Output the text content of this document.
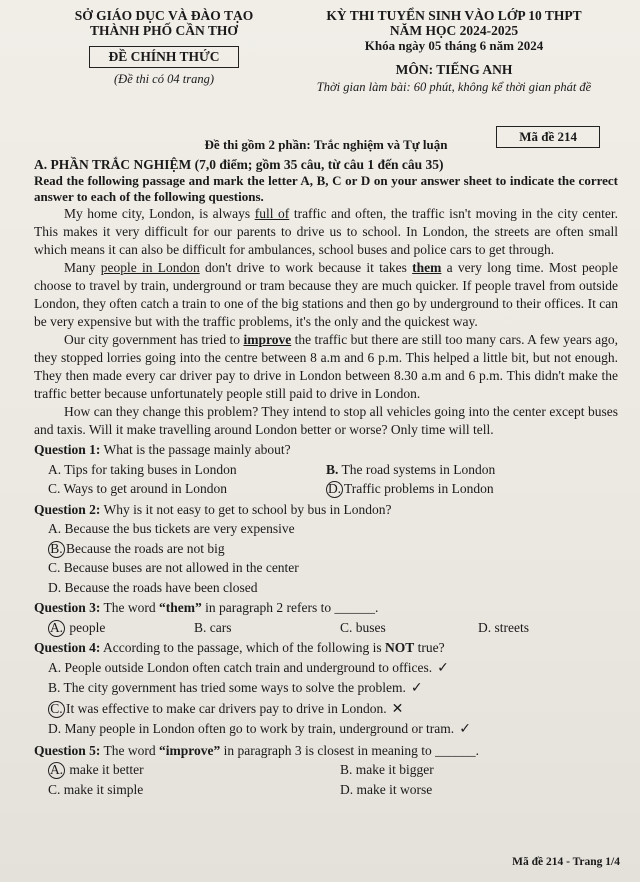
SỞ GIÁO DỤC VÀ ĐÀO TẠO
THÀNH PHỐ CẦN THƠ
ĐỀ CHÍNH THỨC
(Đề thi có 04 trang)
KỲ THI TUYỂN SINH VÀO LỚP 10 THPT
NĂM HỌC 2024-2025
Khóa ngày 05 tháng 6 năm 2024
MÔN: TIẾNG ANH
Thời gian làm bài: 60 phút, không kể thời gian phát đề
Mã đề 214
Đề thi gồm 2 phần: Trắc nghiệm và Tự luận
A. PHẦN TRẮC NGHIỆM (7,0 điểm; gồm 35 câu, từ câu 1 đến câu 35)
Read the following passage and mark the letter A, B, C or D on your answer sheet to indicate the correct answer to each of the following questions.

My home city, London, is always full of traffic and often, the traffic isn't moving in the city center. This makes it very difficult for our parents to drive us to school. In London, the streets are often small which means it can also be difficult for ambulances, school buses and police cars to get through.

Many people in London don't drive to work because it takes them a very long time. Most people choose to travel by train, underground or tram because they are much quicker. If people travel from outside London, they often catch a train to one of the big stations and then go by underground to their offices. It can be very expensive but with the traffic problems, it's the only and the quickest way.

Our city government has tried to improve the traffic but there are still too many cars. A few years ago, they stopped lorries going into the centre between 8 a.m and 6 p.m. This helped a little bit, but not enough. They then made every car driver pay to drive in London between 8.30 a.m and 6 p.m. This didn't make the traffic better because unfortunately people still paid to drive in London.

How can they change this problem? They intend to stop all vehicles going into the center except buses and taxis. Will it make travelling around London better or worse? Only time will tell.

Question 1: What is the passage mainly about?
A. Tips for taking buses in London	B. The road systems in London
C. Ways to get around in London	D. Traffic problems in London
Question 2: Why is it not easy to get to school by bus in London?
A. Because the bus tickets are very expensive
B. Because the roads are not big
C. Because buses are not allowed in the center
D. Because the roads have been closed
Question 3: The word “them” in paragraph 2 refers to ______.
A. people	B. cars	C. buses	D. streets
Question 4: According to the passage, which of the following is NOT true?
A. People outside London often catch train and underground to offices. ✓
B. The city government has tried some ways to solve the problem. ✓
C. It was effective to make car drivers pay to drive in London. ✕
D. Many people in London often go to work by train, underground or tram. ✓
Question 5: The word “improve” in paragraph 3 is closest in meaning to ______.
A. make it better	B. make it bigger
C. make it simple	D. make it worse
Mã đề 214 - Trang 1/4
